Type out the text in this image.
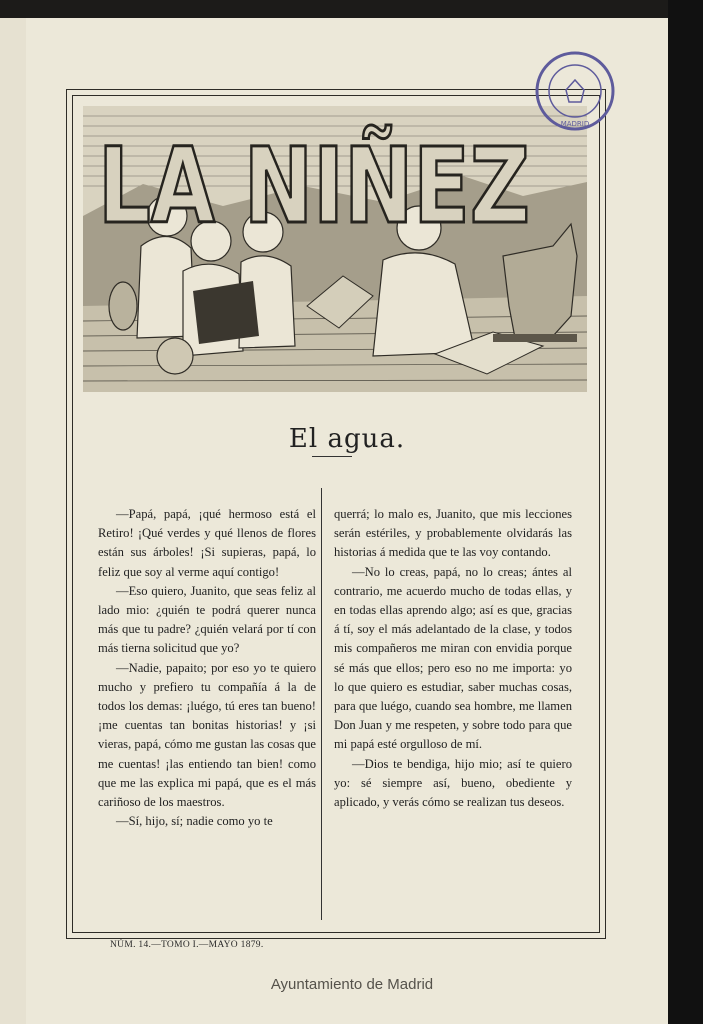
LA NIÑEZ
MADRID
El agua.

—Papá, papá, ¡qué hermoso está el Retiro! ¡Qué verdes y qué llenos de flores están sus árboles! ¡Si supieras, papá, lo feliz que soy al verme aquí contigo!

—Eso quiero, Juanito, que seas feliz al lado mio: ¿quién te podrá querer nunca más que tu padre? ¿quién velará por tí con más tierna solicitud que yo?

—Nadie, papaito; por eso yo te quiero mucho y prefiero tu compañía á la de todos los demas: ¡luégo, tú eres tan bueno! ¡me cuentas tan bonitas historias! y ¡si vieras, papá, cómo me gustan las cosas que me cuentas! ¡las entiendo tan bien! como que me las explica mi papá, que es el más cariñoso de los maestros.

—Sí, hijo, sí; nadie como yo te

querrá; lo malo es, Juanito, que mis lecciones serán estériles, y probablemente olvidarás las historias á medida que te las voy contando.

—No lo creas, papá, no lo creas; ántes al contrario, me acuerdo mucho de todas ellas, y en todas ellas aprendo algo; así es que, gracias á tí, soy el más adelantado de la clase, y todos mis compañeros me miran con envidia porque sé más que ellos; pero eso no me importa: yo lo que quiero es estudiar, saber muchas cosas, para que luégo, cuando sea hombre, me llamen Don Juan y me respeten, y sobre todo para que mi papá esté orgulloso de mí.

—Dios te bendiga, hijo mio; así te quiero yo: sé siempre así, bueno, obediente y aplicado, y verás cómo se realizan tus deseos.

NÚM. 14.—TOMO I.—MAYO 1879.
Ayuntamiento de Madrid
